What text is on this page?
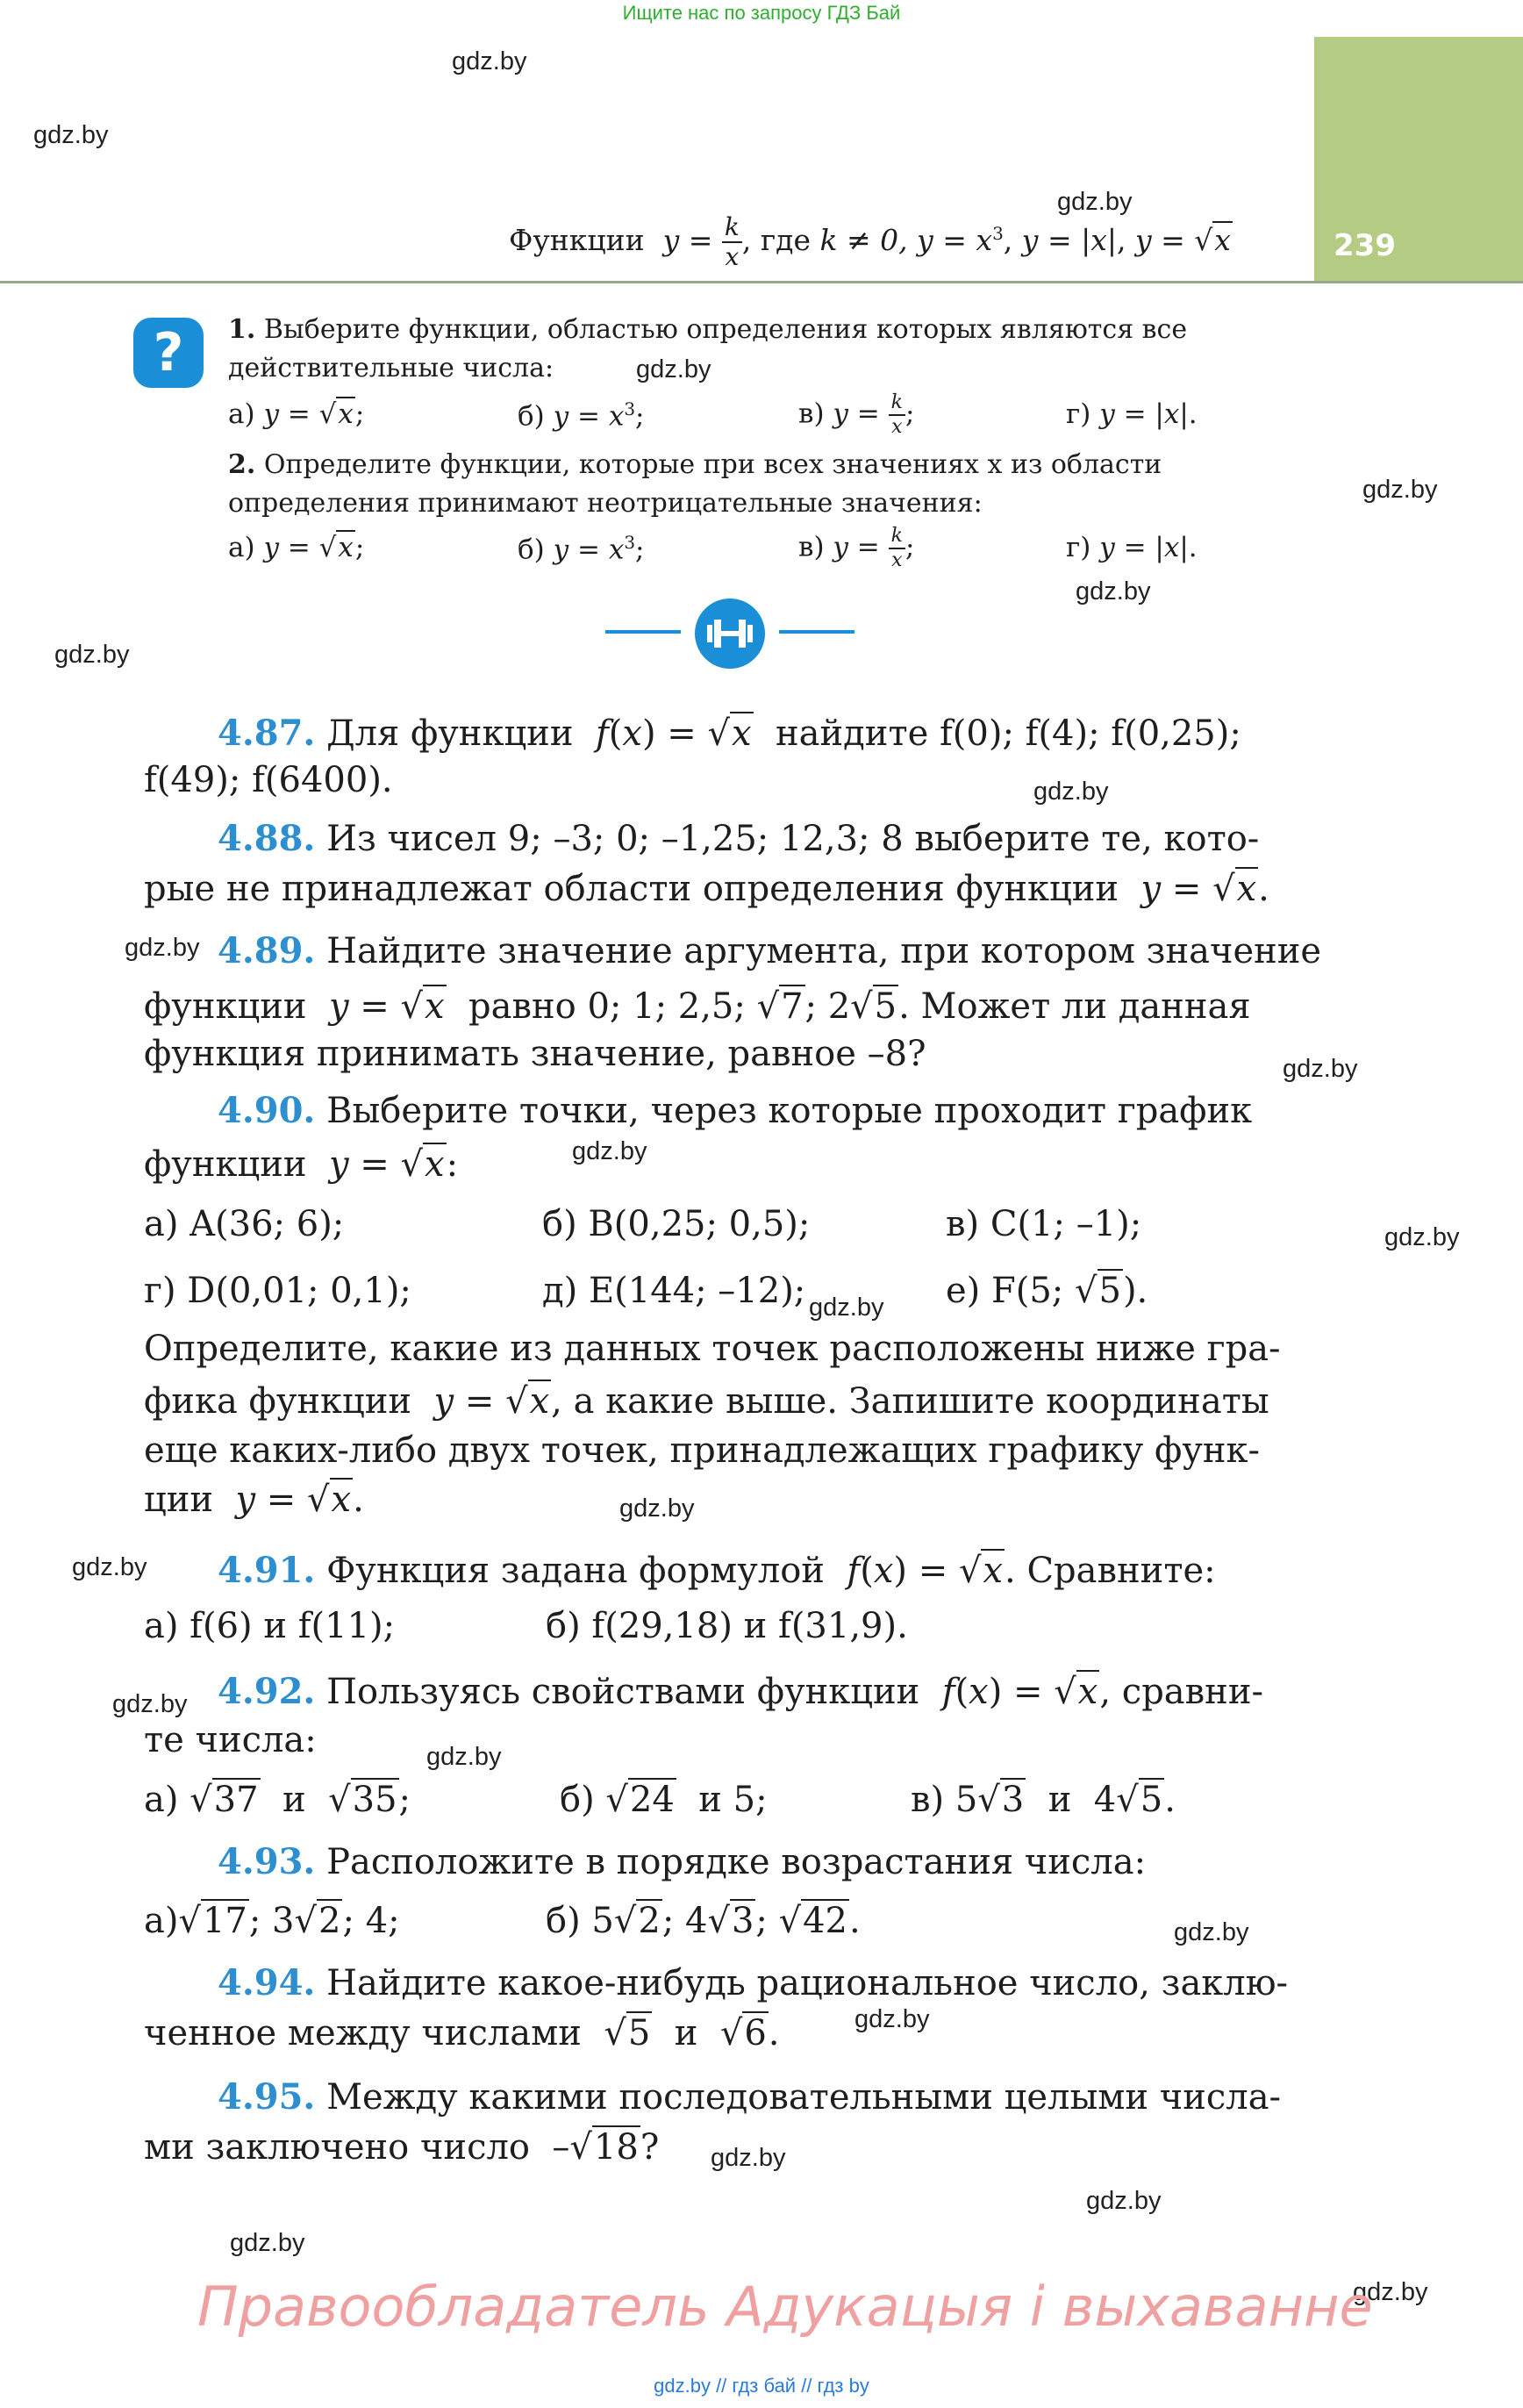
Ищите нас по запросу ГДЗ Бай
gdz.by
gdz.by
gdz.by
gdz.by
gdz.by
gdz.by
gdz.by
gdz.by
gdz.by
gdz.by
gdz.by
gdz.by
gdz.by
gdz.by
gdz.by
gdz.by
gdz.by
gdz.by
gdz.by
gdz.by
gdz.by
gdz.by
gdz.by
239
Функции  $y = \frac{k}{x}$ , где k ≠ 0, $y = x^3$, y = |x|, y = √x
?	1. Выберите функции, областью определения которых являются все
действительные числа:
а) y = √x;	б) $y = x^3$;	в) $y = \frac{k}{x}$ ;	г) y = |x|.
2. Определите функции, которые при всех значениях x из области
определения принимают неотрицательные значения:
а) y = √x;	б) $y = x^3$;	в) $y = \frac{k}{x}$ ;	г) y = |x|.
4.87. Для функции f(x) = √x найдите f(0); f(4); f(0,25);
f(49); f(6400).
4.88. Из чисел 9; –3; 0; –1,25; 12,3; 8 выберите те, кото-
рые не принадлежат области определения функции y = √x.
4.89. Найдите значение аргумента, при котором значение
функции y = √x равно 0; 1; 2,5; √7; 2√5. Может ли данная
функция принимать значение, равное –8?
4.90. Выберите точки, через которые проходит график
функции y = √x:
а) A(36; 6);	б) B(0,25; 0,5);	в) C(1; –1);
г) D(0,01; 0,1);	д) E(144; –12);	е) F(5; √5).
Определите, какие из данных точек расположены ниже гра-
фика функции y = √x, а какие выше. Запишите координаты
еще каких-либо двух точек, принадлежащих графику функ-
ции y = √x.
4.91. Функция задана формулой f(x) = √x. Сравните:
а) f(6) и f(11);	б) f(29,18) и f(31,9).
4.92. Пользуясь свойствами функции f(x) = √x, сравни-
те числа:
а) √37 и √35;	б) √24 и 5;	в) 5√3 и  4√5.
4.93. Расположите в порядке возрастания числа:
а)√17; 3√2; 4;	б) 5√2; 4√3; √42.
4.94. Найдите какое-нибудь рациональное число, заклю-
ченное между числами √5 и √6.
4.95. Между какими последовательными целыми числа-
ми заключено число  –√18?
Правообладатель Адукацыя і выхаванне
gdz.by // гдз бай // гдз by
